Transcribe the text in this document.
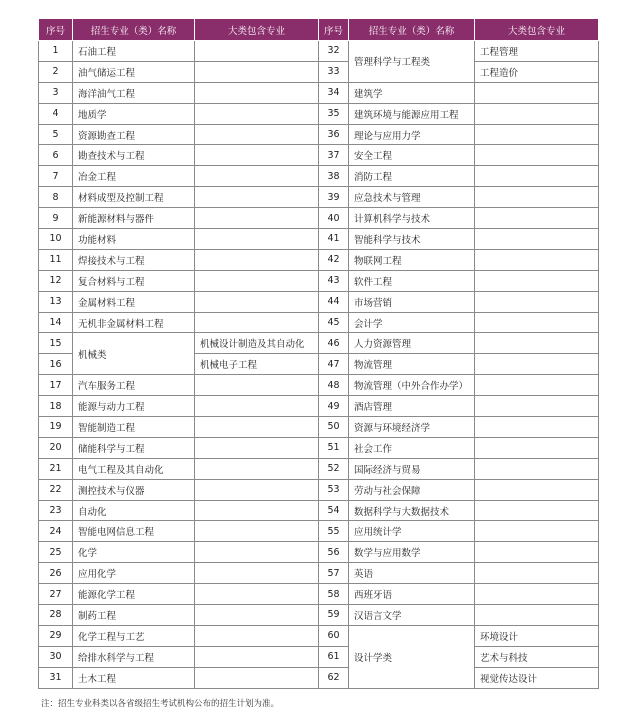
序号	招生专业（类）名称	大类包含专业	序号	招生专业（类）名称	大类包含专业
1	石油工程		32	管理科学与工程类	工程管理
2	油气储运工程		33		工程造价
3	海洋油气工程		34	建筑学	
4	地质学		35	建筑环境与能源应用工程	
5	资源勘查工程		36	理论与应用力学	
6	勘查技术与工程		37	安全工程	
7	冶金工程		38	消防工程	
8	材料成型及控制工程		39	应急技术与管理	
9	新能源材料与器件		40	计算机科学与技术	
10	功能材料		41	智能科学与技术	
11	焊接技术与工程		42	物联网工程	
12	复合材料与工程		43	软件工程	
13	金属材料工程		44	市场营销	
14	无机非金属材料工程		45	会计学	
15	机械类	机械设计制造及其自动化	46	人力资源管理	
16		机械电子工程	47	物流管理	
17	汽车服务工程		48	物流管理（中外合作办学）	
18	能源与动力工程		49	酒店管理	
19	智能制造工程		50	资源与环境经济学	
20	储能科学与工程		51	社会工作	
21	电气工程及其自动化		52	国际经济与贸易	
22	测控技术与仪器		53	劳动与社会保障	
23	自动化		54	数据科学与大数据技术	
24	智能电网信息工程		55	应用统计学	
25	化学		56	数学与应用数学	
26	应用化学		57	英语	
27	能源化学工程		58	西班牙语	
28	制药工程		59	汉语言文学	
29	化学工程与工艺		60	设计学类	环境设计
30	给排水科学与工程		61		艺术与科技
31	土木工程		62		视觉传达设计
注：招生专业科类以各省级招生考试机构公布的招生计划为准。
